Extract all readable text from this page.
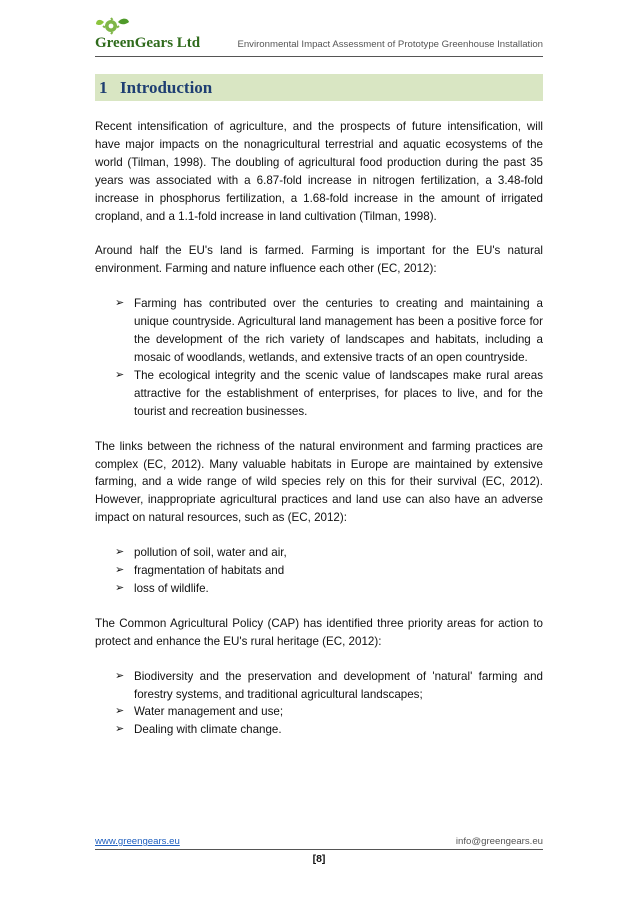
GreenGears Ltd	Environmental Impact Assessment of Prototype Greenhouse Installation
1 Introduction

Recent intensification of agriculture, and the prospects of future intensification, will have major impacts on the nonagricultural terrestrial and aquatic ecosystems of the world (Tilman, 1998). The doubling of agricultural food production during the past 35 years was associated with a 6.87-fold increase in nitrogen fertilization, a 3.48-fold increase in phosphorus fertilization, a 1.68-fold increase in the amount of irrigated cropland, and a 1.1-fold increase in land cultivation (Tilman, 1998).

Around half the EU's land is farmed. Farming is important for the EU's natural environment. Farming and nature influence each other (EC, 2012):

➢ Farming has contributed over the centuries to creating and maintaining a unique countryside. Agricultural land management has been a positive force for the development of the rich variety of landscapes and habitats, including a mosaic of woodlands, wetlands, and extensive tracts of an open countryside.
➢ The ecological integrity and the scenic value of landscapes make rural areas attractive for the establishment of enterprises, for places to live, and for the tourist and recreation businesses.

The links between the richness of the natural environment and farming practices are complex (EC, 2012). Many valuable habitats in Europe are maintained by extensive farming, and a wide range of wild species rely on this for their survival (EC, 2012). However, inappropriate agricultural practices and land use can also have an adverse impact on natural resources, such as (EC, 2012):

➢ pollution of soil, water and air,
➢ fragmentation of habitats and
➢ loss of wildlife.

The Common Agricultural Policy (CAP) has identified three priority areas for action to protect and enhance the EU's rural heritage (EC, 2012):

➢ Biodiversity and the preservation and development of 'natural' farming and forestry systems, and traditional agricultural landscapes;
➢ Water management and use;
➢ Dealing with climate change.
www.greengears.eu	info@greengears.eu
[8]
